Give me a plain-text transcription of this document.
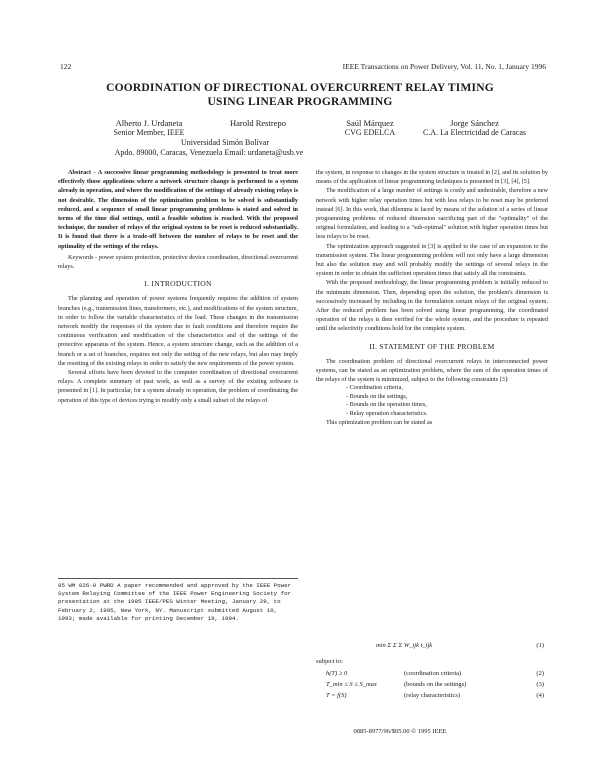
122	IEEE Transactions on Power Delivery, Vol. 11, No. 1, January 1996
COORDINATION OF DIRECTIONAL OVERCURRENT RELAY TIMING
USING LINEAR PROGRAMMING
Alberto J. Urdaneta
Senior Member, IEEE
Harold Restrepo
Universidad Simón Bolívar
Apdo. 89000, Caracas, Venezuela Email: urdaneta@usb.ve
Saúl Márquez
CVG EDELCA
Jorge Sánchez
C.A. La Electricidad de Caracas

Abstract - A successive linear programming methodology is presented to treat more effectively those applications where a network structure change is performed to a system already in operation, and where the modification of the settings of already existing relays is not desirable. The dimension of the optimization problem to be solved is substantially reduced, and a sequence of small linear programming problems is stated and solved in terms of the time dial settings, until a feasible solution is reached. With the proposed technique, the number of relays of the original system to be reset is reduced substantially. It is found that there is a trade-off between the number of relays to be reset and the optimality of the settings of the relays.

Keywords - power system protection, protective device coordination, directional overcurrent relays.

I. INTRODUCTION

The planning and operation of power systems frequently requires the addition of system branches (e.g., transmission lines, transformers, etc.), and modifications of the system structure, in order to follow the variable characteristics of the load. These changes in the transmission network modify the responses of the system due to fault conditions and therefore require the continuous verification and modification of the characteristics and of the settings of the protective apparatus of the system. Hence, a system structure change, such as the addition of a branch or a set of branches, requires not only the setting of the new relays, but also may imply the resetting of the existing relays in order to satisfy the new requirements of the power system.

Several efforts have been devoted to the computer coordination of directional overcurrent relays. A complete summary of past work, as well as a survey of the existing software is presented in [1]. In particular, for a system already in operation, the problem of coordinating the operation of this type of devices trying to modify only a small subset of the relays of

95 WM 026-0 PWRD A paper recommended and approved by the IEEE Power System Relaying Committee of the IEEE Power Engineering Society for presentation at the 1995 IEEE/PES Winter Meeting, January 29, to February 2, 1995, New York, NY. Manuscript submitted August 10, 1993; made available for printing December 19, 1994.

the system, in response to changes in the system structure is treated in [2], and its solution by means of the application of linear programming techniques is presented in [3], [4], [5].

The modification of a large number of settings is costly and undesirable, therefore a new network with higher relay operation times but with less relays to be reset may be preferred instead [6]. In this work, that dilemma is faced by means of the solution of a series of linear programming problems of reduced dimension sacrificing part of the "optimality" of the original formulation, and leading to a "sub-optimal" solution with higher operation times but less relays to be reset.

The optimization approach suggested in [3] is applied to the case of an expansion to the transmission system. The linear programming problem will not only have a large dimension but also the solution may and will probably modify the settings of several relays in the system in order to obtain the sufficient operation times that satisfy all the constraints.

With the proposed methodology, the linear programming problem is initially reduced to the minimum dimension. Then, depending upon the solution, the problem's dimension is successively increased by including in the formulation certain relays of the original system. After the reduced problem has been solved using linear programming, the coordinated operation of the relays is then verified for the whole system, and the procedure is repeated until the selectivity conditions hold for the complete system.

II. STATEMENT OF THE PROBLEM

The coordination problem of directional overcurrent relays in interconnected power systems, can be stated as an optimization problem, where the sum of the operation times of the relays of the system is minimized, subject to the following constraints [3]:

- Coordination criteria,
- Bounds on the settings,
- Bounds on the operation times,
- Relay operation characteristics.

This optimization problem can be stated as

min Σ Σ Σ W_ijk t_ijk	(1)
subject to:
h(T) ≥ 0	(coordination criteria)	(2)
T_min ≤ S ≤ S_max	(bounds on the settings)	(3)
T = f(S)	(relay characteristics)	(4)
0885-8977/96/$05.00 © 1995 IEEE
